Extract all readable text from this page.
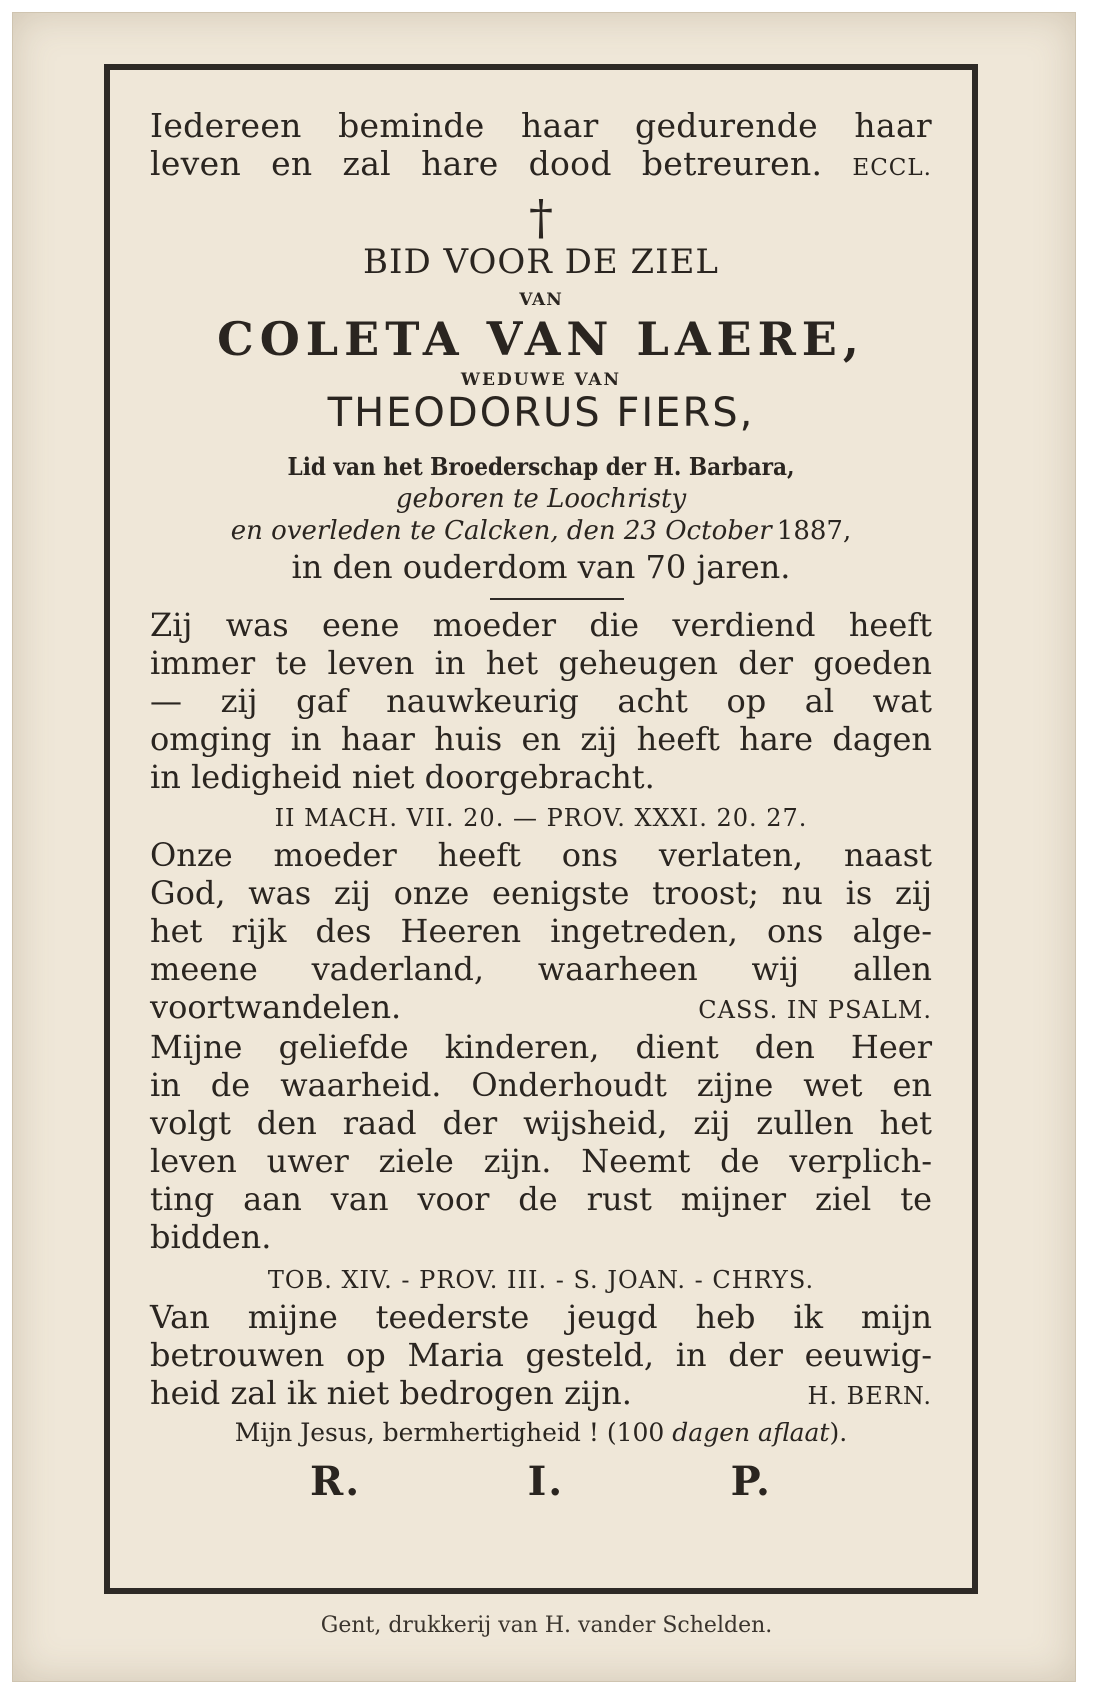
Iedereen beminde haar gedurende haar
leven en zal hare dood betreuren. ECCL.
†
BID VOOR DE ZIEL
VAN
COLETA VAN LAERE,
WEDUWE VAN
THEODORUS FIERS,
Lid van het Broederschap der H. Barbara,
geboren te Loochristy
en overleden te Calcken, den 23 October 1887,
in den ouderdom van 70 jaren.
Zij was eene moeder die verdiend heeft
immer te leven in het geheugen der goeden
— zij gaf nauwkeurig acht op al wat
omging in haar huis en zij heeft hare dagen
in ledigheid niet doorgebracht.
II MACH. VII. 20. — PROV. XXXI. 20. 27.
Onze moeder heeft ons verlaten, naast
God, was zij onze eenigste troost; nu is zij
het rijk des Heeren ingetreden, ons alge-
meene vaderland, waarheen wij allen
voortwandelen.	CASS. IN PSALM.
Mijne geliefde kinderen, dient den Heer
in de waarheid. Onderhoudt zijne wet en
volgt den raad der wijsheid, zij zullen het
leven uwer ziele zijn. Neemt de verplich-
ting aan van voor de rust mijner ziel te
bidden.
TOB. XIV. - PROV. III. - S. JOAN. - CHRYS.
Van mijne teederste jeugd heb ik mijn
betrouwen op Maria gesteld, in der eeuwig-
heid zal ik niet bedrogen zijn.	H. BERN.
Mijn Jesus, bermhertigheid ! (100 dagen aflaat).
R.	I.	P.
Gent, drukkerij van H. vander Schelden.
